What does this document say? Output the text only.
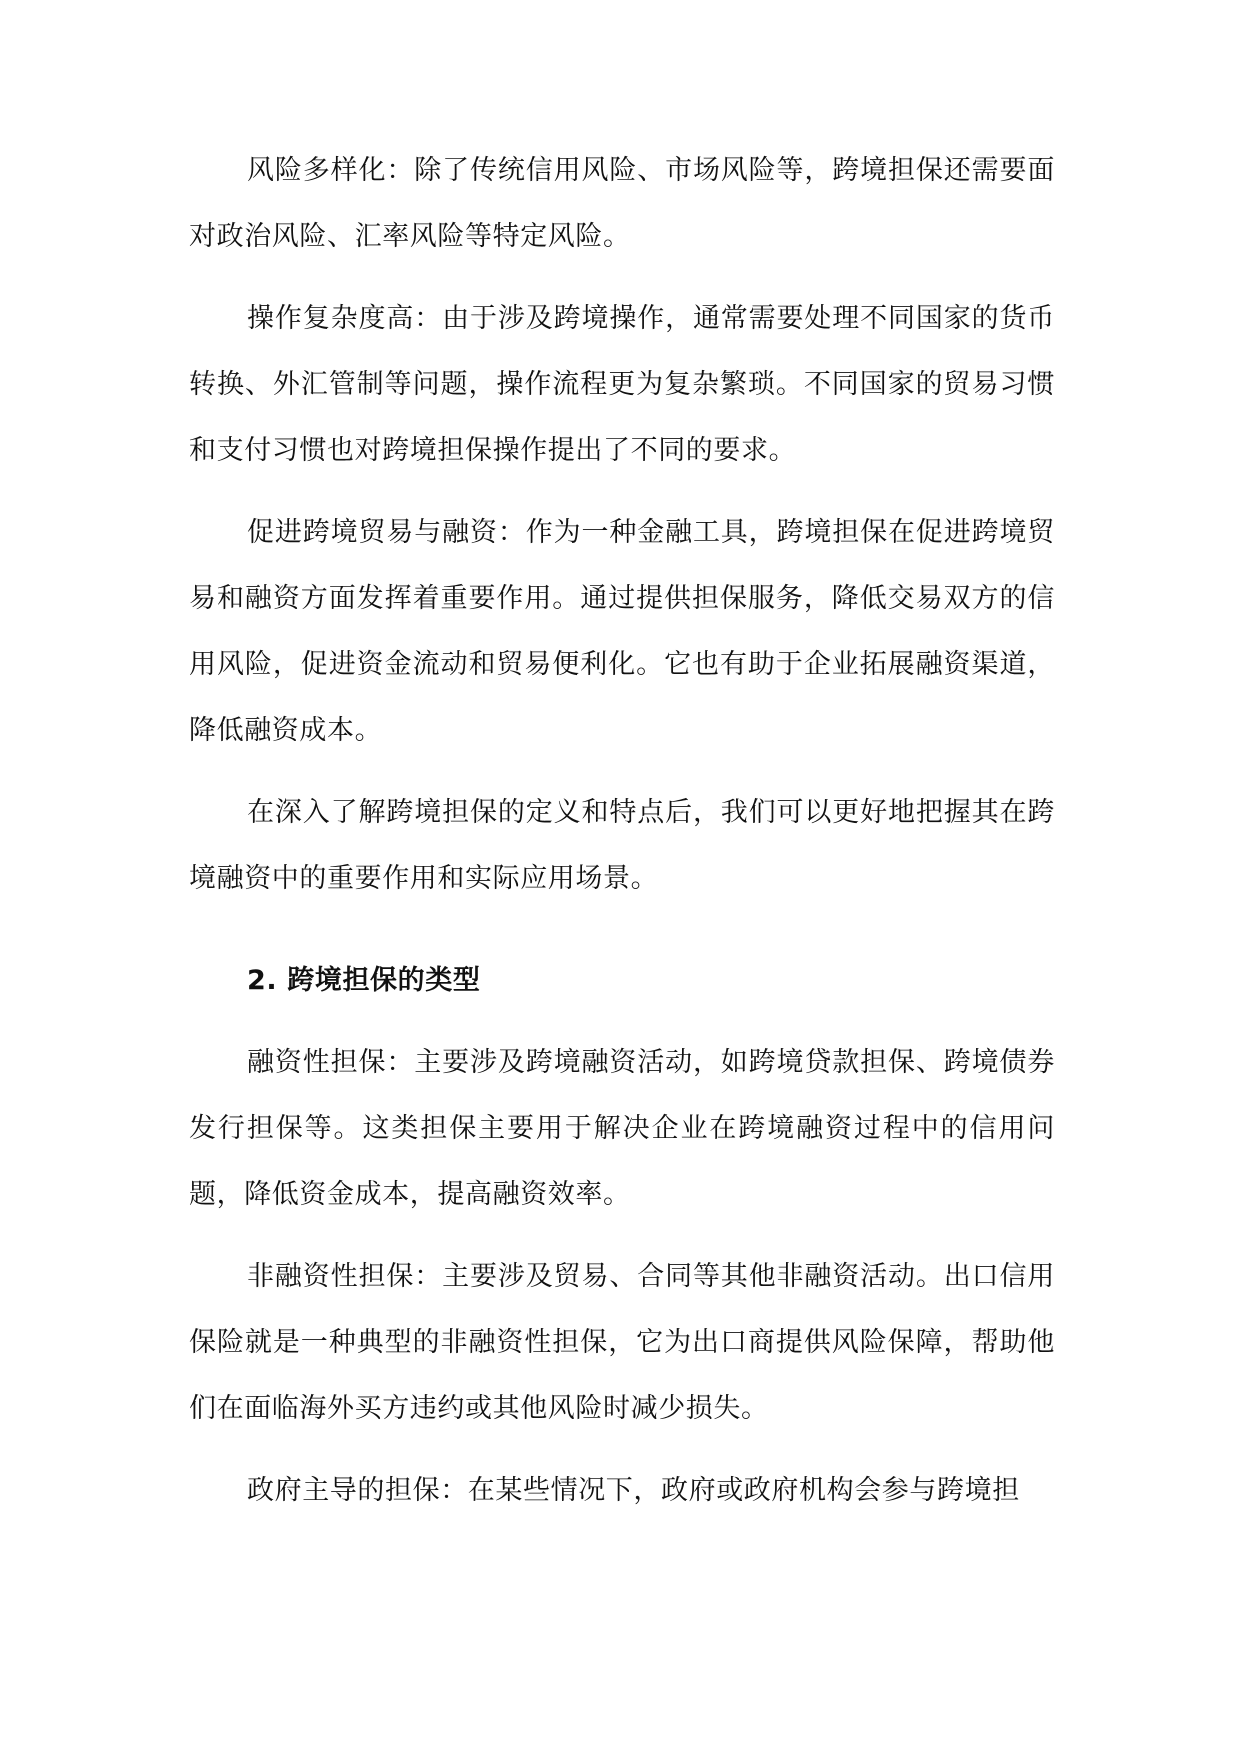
风险多样化：除了传统信用风险、市场风险等，跨境担保还需要面对政治风险、汇率风险等特定风险。

操作复杂度高：由于涉及跨境操作，通常需要处理不同国家的货币转换、外汇管制等问题，操作流程更为复杂繁琐。不同国家的贸易习惯和支付习惯也对跨境担保操作提出了不同的要求。

促进跨境贸易与融资：作为一种金融工具，跨境担保在促进跨境贸易和融资方面发挥着重要作用。通过提供担保服务，降低交易双方的信用风险，促进资金流动和贸易便利化。它也有助于企业拓展融资渠道，降低融资成本。

在深入了解跨境担保的定义和特点后，我们可以更好地把握其在跨境融资中的重要作用和实际应用场景。

2. 跨境担保的类型

融资性担保：主要涉及跨境融资活动，如跨境贷款担保、跨境债券发行担保等。这类担保主要用于解决企业在跨境融资过程中的信用问题，降低资金成本，提高融资效率。

非融资性担保：主要涉及贸易、合同等其他非融资活动。出口信用保险就是一种典型的非融资性担保，它为出口商提供风险保障，帮助他们在面临海外买方违约或其他风险时减少损失。

政府主导的担保：在某些情况下，政府或政府机构会参与跨境担
